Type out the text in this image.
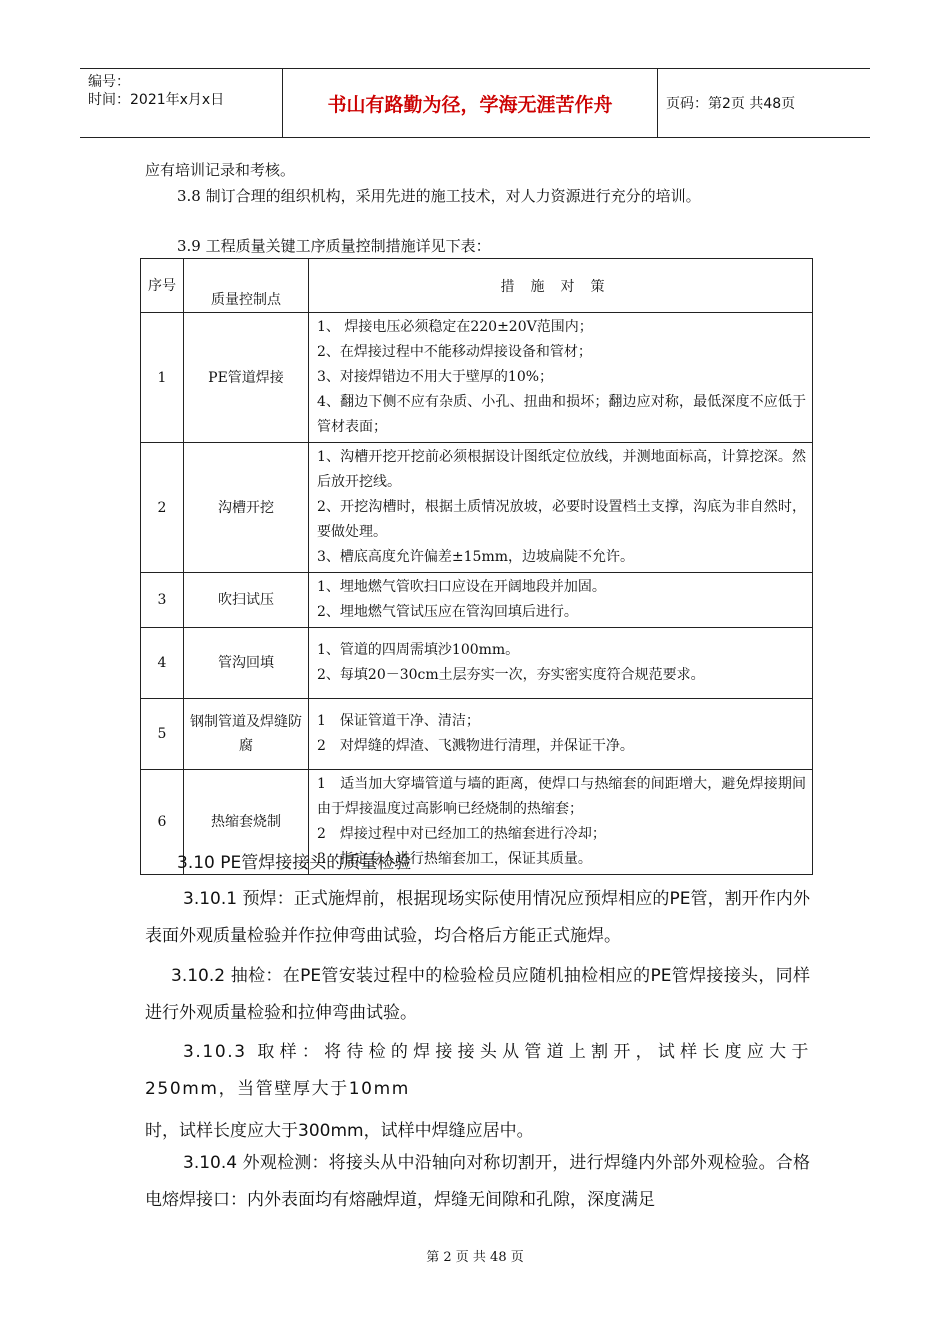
编号：
时间：2021年x月x日	书山有路勤为径，学海无涯苦作舟	页码：第2页 共48页
应有培训记录和考核。
3.8 制订合理的组织机构，采用先进的施工技术，对人力资源进行充分的培训。
3.9 工程质量关键工序质量控制措施详见下表：
序号	质量控制点	措施对策
1	PE管道焊接	1、 焊接电压必须稳定在220±20V范围内；
2、在焊接过程中不能移动焊接设备和管材；
3、对接焊错边不用大于壁厚的10%；
4、翻边下侧不应有杂质、小孔、扭曲和损坏；翻边应对称，最低深度不应低于管材表面；

2	沟槽开挖	1、沟槽开挖开挖前必须根据设计图纸定位放线，并测地面标高，计算挖深。然后放开挖线。
2、开挖沟槽时，根据土质情况放坡，必要时设置档土支撑，沟底为非自然时，要做处理。
3、槽底高度允许偏差±15mm，边坡扁陡不允许。

3	吹扫试压	1、埋地燃气管吹扫口应设在开阔地段并加固。
2、埋地燃气管试压应在管沟回填后进行。

4	管沟回填	1、管道的四周需填沙100mm。
2、每填20－30cm土层夯实一次，夯实密实度符合规范要求。

5	钢制管道及焊缝防腐	1　保证管道干净、清洁；
2　对焊缝的焊渣、飞溅物进行清理，并保证干净。

6	热缩套烧制	1　适当加大穿墙管道与墙的距离，使焊口与热缩套的间距增大，避免焊接期间由于焊接温度过高影响已经烧制的热缩套；
2　焊接过程中对已经加工的热缩套进行冷却；
3　指定专人进行热缩套加工，保证其质量。
3.10 PE管焊接接头的质量检验
3.10.1 预焊：正式施焊前，根据现场实际使用情况应预焊相应的PE管，割开作内外表面外观质量检验并作拉伸弯曲试验，均合格后方能正式施焊。
3.10.2 抽检：在PE管安装过程中的检验检员应随机抽检相应的PE管焊接接头，同样进行外观质量检验和拉伸弯曲试验。
3.10.3 取样：将待检的焊接接头从管道上割开，试样长度应大于250mm，当管壁厚大于10mm
时，试样长度应大于300mm，试样中焊缝应居中。
3.10.4 外观检测：将接头从中沿轴向对称切割开，进行焊缝内外部外观检验。合格电熔焊接口：内外表面均有熔融焊道，焊缝无间隙和孔隙，深度满足
第 2 页 共 48 页
